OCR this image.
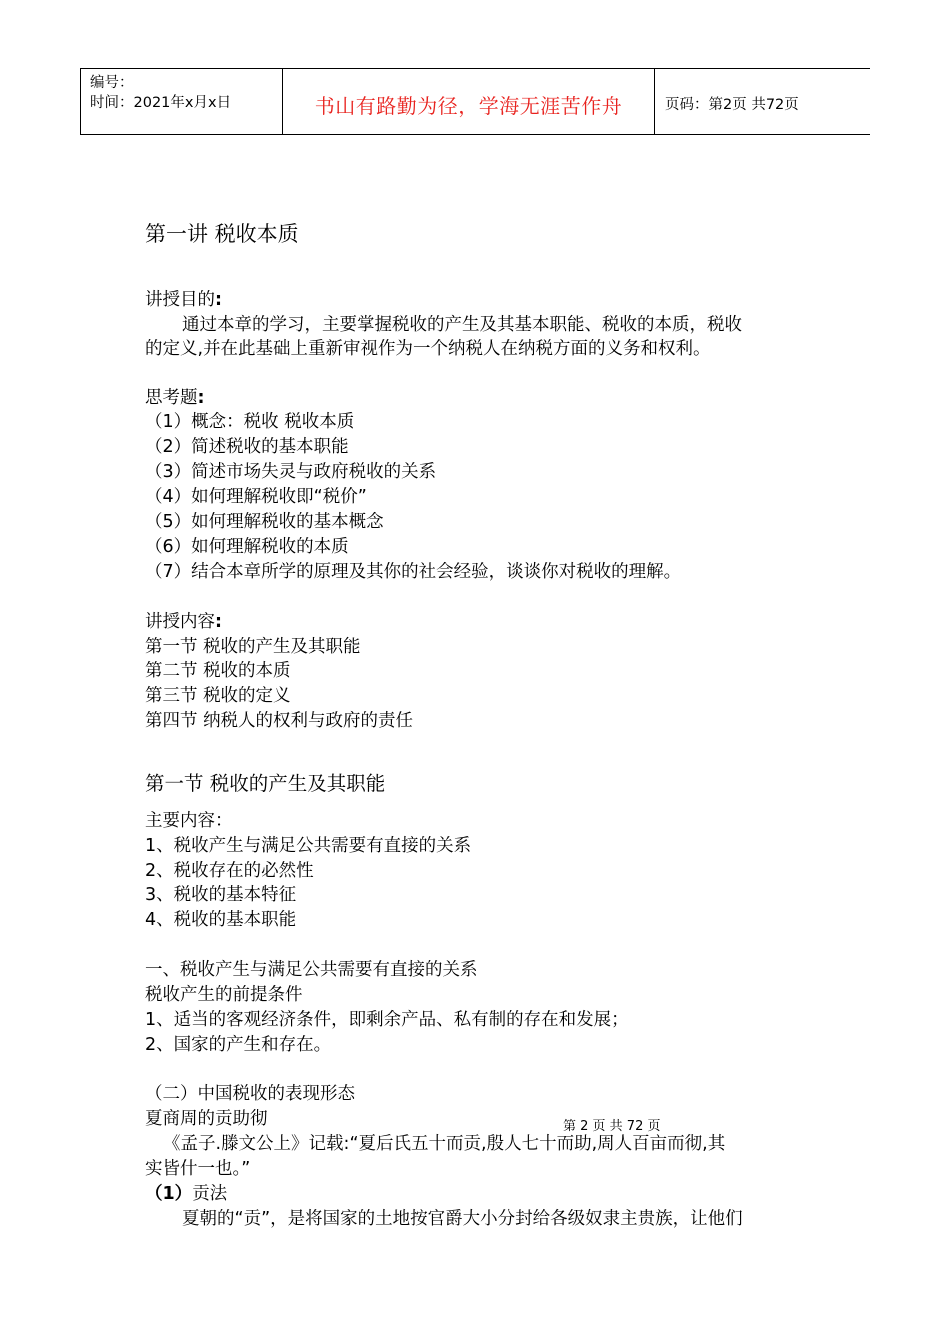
编号：
时间：2021年x月x日	书山有路勤为径，学海无涯苦作舟	页码：第2页 共72页
第一讲 税收本质
讲授目的:
通过本章的学习，主要掌握税收的产生及其基本职能、税收的本质，税收
的定义,并在此基础上重新审视作为一个纳税人在纳税方面的义务和权利。
思考题:
（1）概念：税收 税收本质
（2）简述税收的基本职能
（3）简述市场失灵与政府税收的关系
（4）如何理解税收即“税价”
（5）如何理解税收的基本概念
（6）如何理解税收的本质
（7）结合本章所学的原理及其你的社会经验，谈谈你对税收的理解。
讲授内容:
第一节 税收的产生及其职能
第二节 税收的本质
第三节 税收的定义
第四节 纳税人的权利与政府的责任
第一节 税收的产生及其职能
主要内容：
1、税收产生与满足公共需要有直接的关系
2、税收存在的必然性
3、税收的基本特征
4、税收的基本职能
一、税收产生与满足公共需要有直接的关系
税收产生的前提条件
1、适当的客观经济条件，即剩余产品、私有制的存在和发展；
2、国家的产生和存在。
（二）中国税收的表现形态
夏商周的贡助彻	第 2 页 共 72 页
《孟子.滕文公上》记载:“夏后氏五十而贡,殷人七十而助,周人百亩而彻,其
实皆什一也。”
（1）贡法
夏朝的“贡”，是将国家的土地按官爵大小分封给各级奴隶主贵族，让他们
